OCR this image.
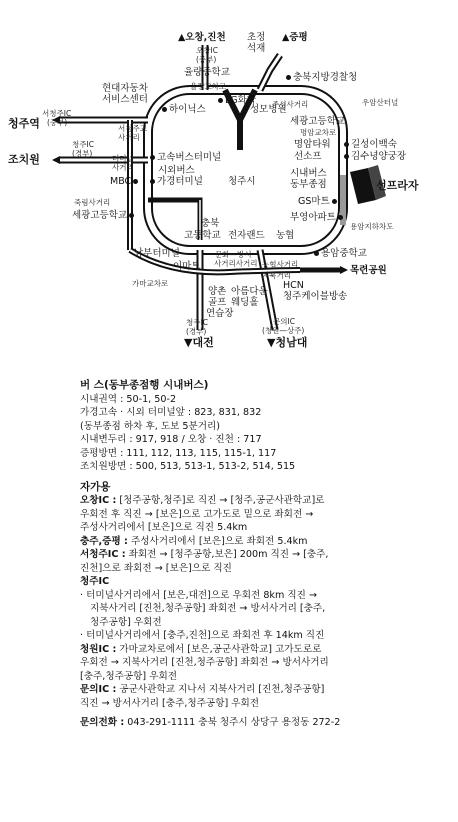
▲오창,진천
오창IC
(중부)
초정
석재
▲증평
율량중학교
율량교차로
충북지방경찰청
우암산터널
현대자동차
서비스센터
하이닉스
LG화학
성모병원
주성사거리
서청주IC
(중부)
청주역	서청주교
사거리
세광고등학교
명암교차로
명암타워
선소프
길성이백숙
김수녕양궁장
청주IC
(경부)
조치원	터미널
사거리
고속버스터미널
시외버스
가경터미널
MBC
시내버스
동부종점
청주시
GS마트
선프라자
죽림사거리
세광고등학교	부영아파트
용암지하차도
충북
고등학교 전자랜드 농협
남부터미널	문화—방서
사거리사거리
용암중학교
이마트	농협사거리
목련공원
가마교차로
지북거리
양촌 아름다운
골프 웨딩홀
연습장
HCN
청주케이블방송
청주IC
(경부)
▼대전
문의IC
(청원—상주)
▼청남대
버 스(동부종점행 시내버스)
시내권역 : 50-1, 50-2
가경고속 · 시외 터미널앞 : 823, 831, 832
(동부종점 하차 후, 도보 5분거리)
시내변두리 : 917, 918 / 오창 · 진천 : 717
증평방면 : 111, 112, 113, 115, 115-1, 117
조치원방면 : 500, 513, 513-1, 513-2, 514, 515
자가용
오창IC : [청주공항,청주]로 직진 → [청주,공군사관학교]로
우회전 후 직진 → [보은]으로 고가도로 밑으로 좌회전 →
주성사거리에서 [보은]으로 직진 5.4km
충주,증평 : 주성사거리에서 [보은]으로 좌회전 5.4km
서청주IC : 좌회전 → [청주공항,보은] 200m 직진 → [충주,
진천]으로 좌회전 → [보은]으로 직진
청주IC
· 터미널사거리에서 [보은,대전]으로 우회전 8km 직진 →
지북사거리 [진천,청주공항] 좌회전 → 방서사거리 [충주,
청주공항] 우회전
· 터미널사거리에서 [충주,진천]으로 좌회전 후 14km 직진
청원IC : 가마교차로에서 [보은,공군사관학교] 고가도로로
우회전 → 지북사거리 [진천,청주공항] 좌회전 → 방서사거리
[충주,청주공항] 우회전
문의IC : 공군사관학교 지나서 지북사거리 [진천,청주공항]
직진 → 방서사거리 [충주,청주공항] 우회전
문의전화 : 043-291-1111 충북 청주시 상당구 용정동 272-2
